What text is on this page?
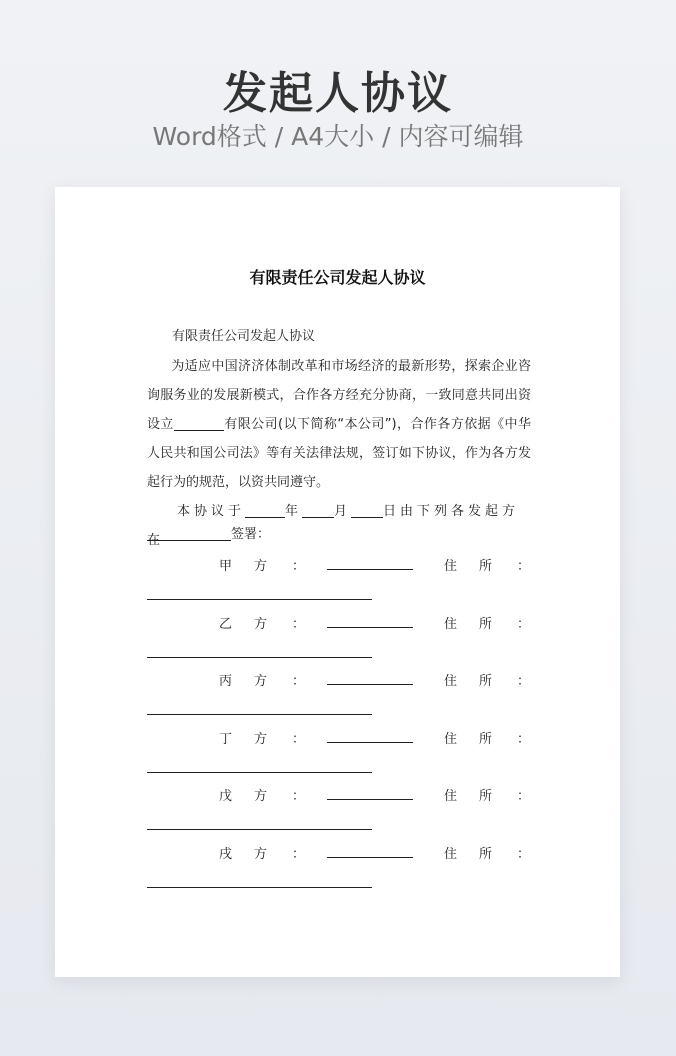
发起人协议
Word格式 / A4大小 / 内容可编辑
有限责任公司发起人协议
有限责任公司发起人协议
为适应中国济济体制改革和市场经济的最新形势，探索企业咨询服务业的发展新模式，合作各方经充分协商，一致同意共同出资设立	有限公司(以下简称“本公司”)，合作各方依据《中华人民共和国公司法》等有关法律法规，签订如下协议，作为各方发起行为的规范，以资共同遵守。
本协议于	年 月 日由下列各发起方在	签署：
甲方 ：	住所 ：
乙方 ：	住所 ：
丙方 ：	住所 ：
丁方 ：	住所 ：
戊方 ：	住所 ：
戌方 ：	住所 ：
